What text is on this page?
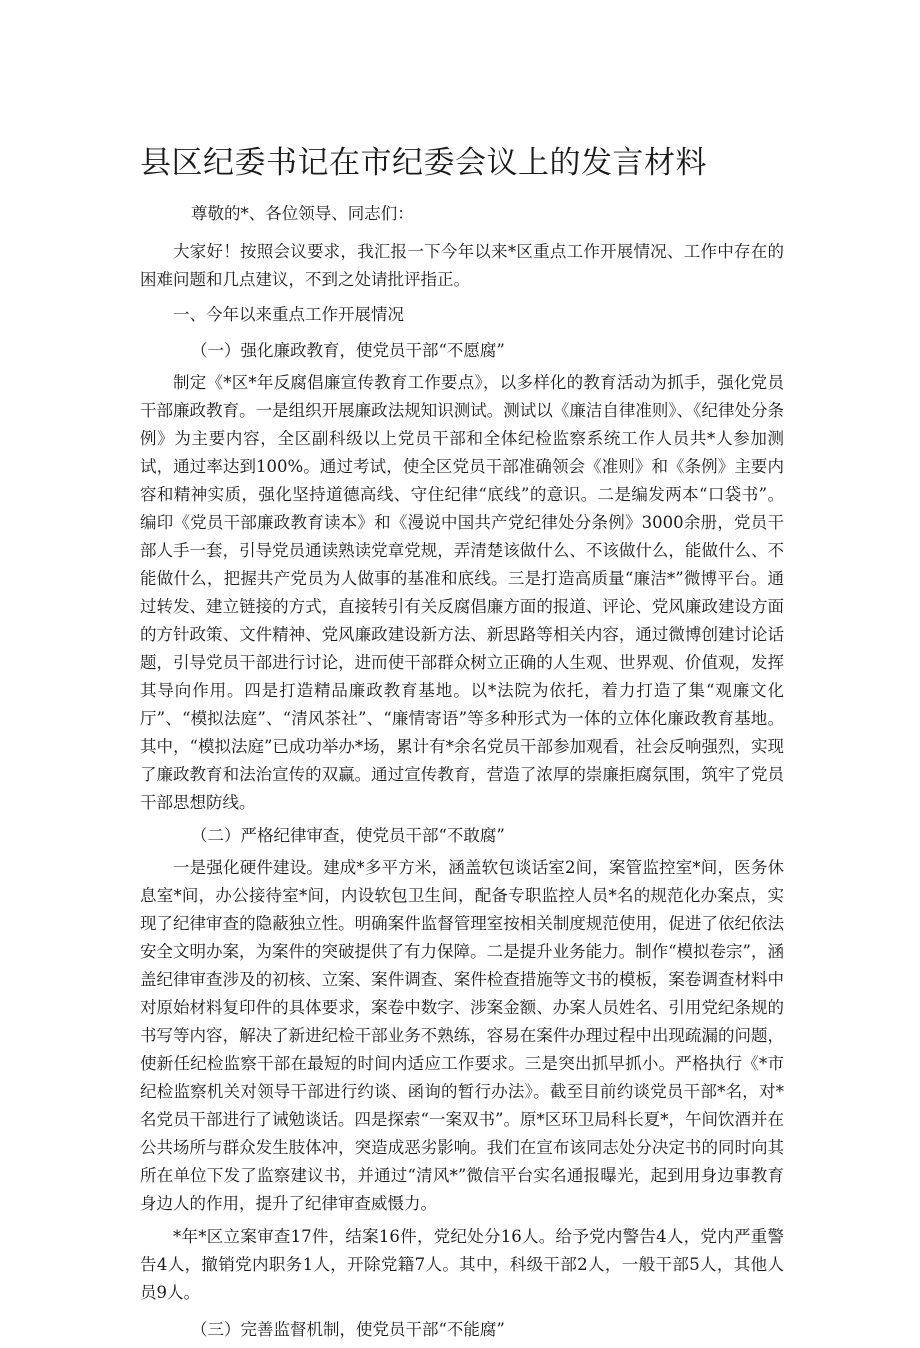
县区纪委书记在市纪委会议上的发言材料

尊敬的*、各位领导、同志们：

大家好！按照会议要求，我汇报一下今年以来*区重点工作开展情况、工作中存在的困难问题和几点建议，不到之处请批评指正。

一、今年以来重点工作开展情况

（一）强化廉政教育，使党员干部“不愿腐”

制定《*区*年反腐倡廉宣传教育工作要点》，以多样化的教育活动为抓手，强化党员干部廉政教育。一是组织开展廉政法规知识测试。测试以《廉洁自律准则》、《纪律处分条例》为主要内容，全区副科级以上党员干部和全体纪检监察系统工作人员共*人参加测试，通过率达到100%。通过考试，使全区党员干部准确领会《准则》和《条例》主要内容和精神实质，强化坚持道德高线、守住纪律“底线”的意识。二是编发两本“口袋书”。编印《党员干部廉政教育读本》和《漫说中国共产党纪律处分条例》3000余册，党员干部人手一套，引导党员通读熟读党章党规，弄清楚该做什么、不该做什么，能做什么、不能做什么，把握共产党员为人做事的基准和底线。三是打造高质量“廉洁*”微博平台。通过转发、建立链接的方式，直接转引有关反腐倡廉方面的报道、评论、党风廉政建设方面的方针政策、文件精神、党风廉政建设新方法、新思路等相关内容，通过微博创建讨论话题，引导党员干部进行讨论，进而使干部群众树立正确的人生观、世界观、价值观，发挥其导向作用。四是打造精品廉政教育基地。以*法院为依托，着力打造了集“观廉文化厅”、“模拟法庭”、“清风茶社”、“廉情寄语”等多种形式为一体的立体化廉政教育基地。其中，“模拟法庭”已成功举办*场，累计有*余名党员干部参加观看，社会反响强烈，实现了廉政教育和法治宣传的双赢。通过宣传教育，营造了浓厚的崇廉拒腐氛围，筑牢了党员干部思想防线。

（二）严格纪律审查，使党员干部“不敢腐”

一是强化硬件建设。建成*多平方米，涵盖软包谈话室2间，案管监控室*间，医务休息室*间，办公接待室*间，内设软包卫生间，配备专职监控人员*名的规范化办案点，实现了纪律审查的隐蔽独立性。明确案件监督管理室按相关制度规范使用，促进了依纪依法安全文明办案，为案件的突破提供了有力保障。二是提升业务能力。制作“模拟卷宗”，涵盖纪律审查涉及的初核、立案、案件调查、案件检查措施等文书的模板，案卷调查材料中对原始材料复印件的具体要求，案卷中数字、涉案金额、办案人员姓名、引用党纪条规的书写等内容，解决了新进纪检干部业务不熟练，容易在案件办理过程中出现疏漏的问题，使新任纪检监察干部在最短的时间内适应工作要求。三是突出抓早抓小。严格执行《*市纪检监察机关对领导干部进行约谈、函询的暂行办法》。截至目前约谈党员干部*名，对*名党员干部进行了诫勉谈话。四是探索“一案双书”。原*区环卫局科长夏*，午间饮酒并在公共场所与群众发生肢体冲，突造成恶劣影响。我们在宣布该同志处分决定书的同时向其所在单位下发了监察建议书，并通过“清风*”微信平台实名通报曝光，起到用身边事教育身边人的作用，提升了纪律审查威慑力。

*年*区立案审查17件，结案16件，党纪处分16人。给予党内警告4人，党内严重警告4人，撤销党内职务1人，开除党籍7人。其中，科级干部2人，一般干部5人，其他人员9人。

（三）完善监督机制，使党员干部“不能腐”
